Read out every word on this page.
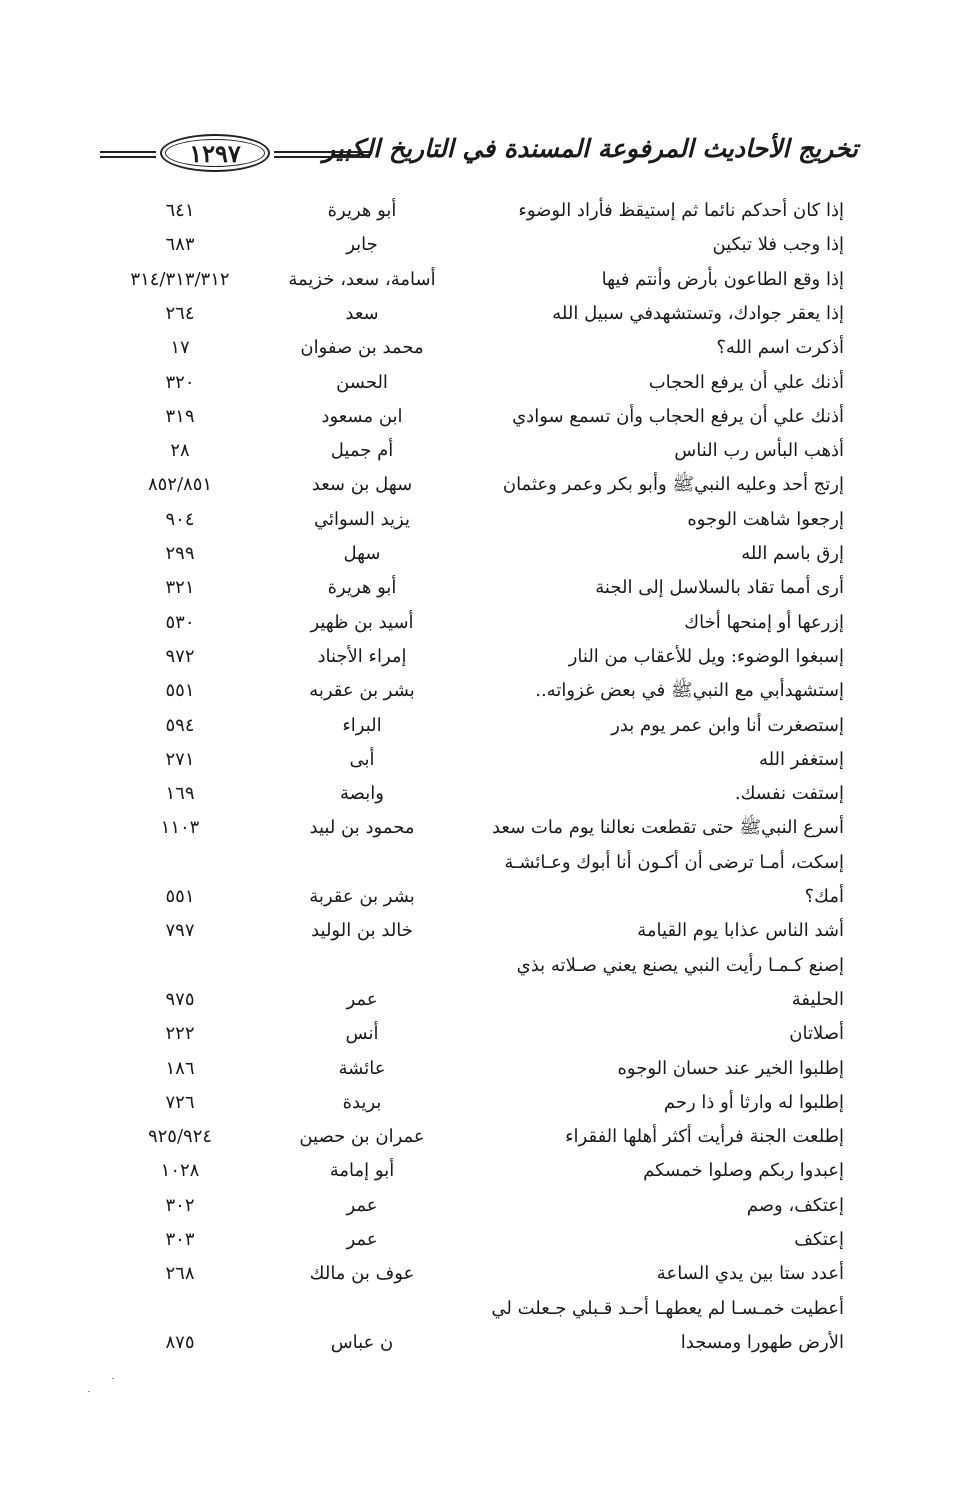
تخريج الأحاديث المرفوعة المسندة في التاريخ الكبير
١٢٩٧
إذا كان أحدكم نائما ثم إستيقظ فأراد الوضوء
أبو هريرة
٦٤١
إذا وجب فلا تبكين
جابر
٦٨٣
إذا وقع الطاعون بأرض وأنتم فيها
أسامة، سعد، خزيمة
٣١٤/٣١٣/٣١٢
إذا يعقر جوادك، وتستشهدفي سبيل الله
سعد
٢٦٤
أذكرت اسم الله؟
محمد بن صفوان
١٧
أذنك علي أن يرفع الحجاب
الحسن
٣٢٠
أذنك علي أن يرفع الحجاب وأن تسمع سوادي
ابن مسعود
٣١٩
أذهب البأس رب الناس
أم جميل
٢٨
إرتج أحد وعليه النبيﷺ وأبو بكر وعمر وعثمان
سهل بن سعد
٨٥٢/٨٥١
إرجعوا شاهت الوجوه
يزيد السوائي
٩٠٤
إرق باسم الله
سهل
٢٩٩
أرى أمما تقاد بالسلاسل إلى الجنة
أبو هريرة
٣٢١
إزرعها أو إمنحها أخاك
أسيد بن ظهير
٥٣٠
إسبغوا الوضوء: ويل للأعقاب من النار
إمراء الأجناد
٩٧٢
إستشهدأبي مع النبيﷺ في بعض غزواته..
بشر بن عقربه
٥٥١
إستصغرت أنا وابن عمر يوم بدر
البراء
٥٩٤
إستغفر الله
أبى
٢٧١
إستفت نفسك.
وابصة
١٦٩
أسرع النبيﷺ حتى تقطعت نعالنا يوم مات سعد
محمود بن لبيد
١١٠٣
إسكت، أمـا ترضى أن أكـون أنا أبوك وعـائشـة
أمك؟
بشر بن عقربة
٥٥١
أشد الناس عذابا يوم القيامة
خالد بن الوليد
٧٩٧
إصنع كـمـا رأيت النبي يصنع يعني صـلاته بذي
الحليفة
عمر
٩٧٥
أصلاتان
أنس
٢٢٢
إطلبوا الخير عند حسان الوجوه
عائشة
١٨٦
إطلبوا له وارثا أو ذا رحم
بريدة
٧٢٦
إطلعت الجنة فرأيت أكثر أهلها الفقراء
عمران بن حصين
٩٢٥/٩٢٤
إعبدوا ربكم وصلوا خمسكم
أبو إمامة
١٠٢٨
إعتكف، وصم
عمر
٣٠٢
إعتكف
عمر
٣٠٣
أعدد ستا بين يدي الساعة
عوف بن مالك
٢٦٨
أعطيت خمـسـا لم يعطهـا أحـد قـبلي جـعلت لي
الأرض طهورا ومسجدا
ن عباس
٨٧٥
